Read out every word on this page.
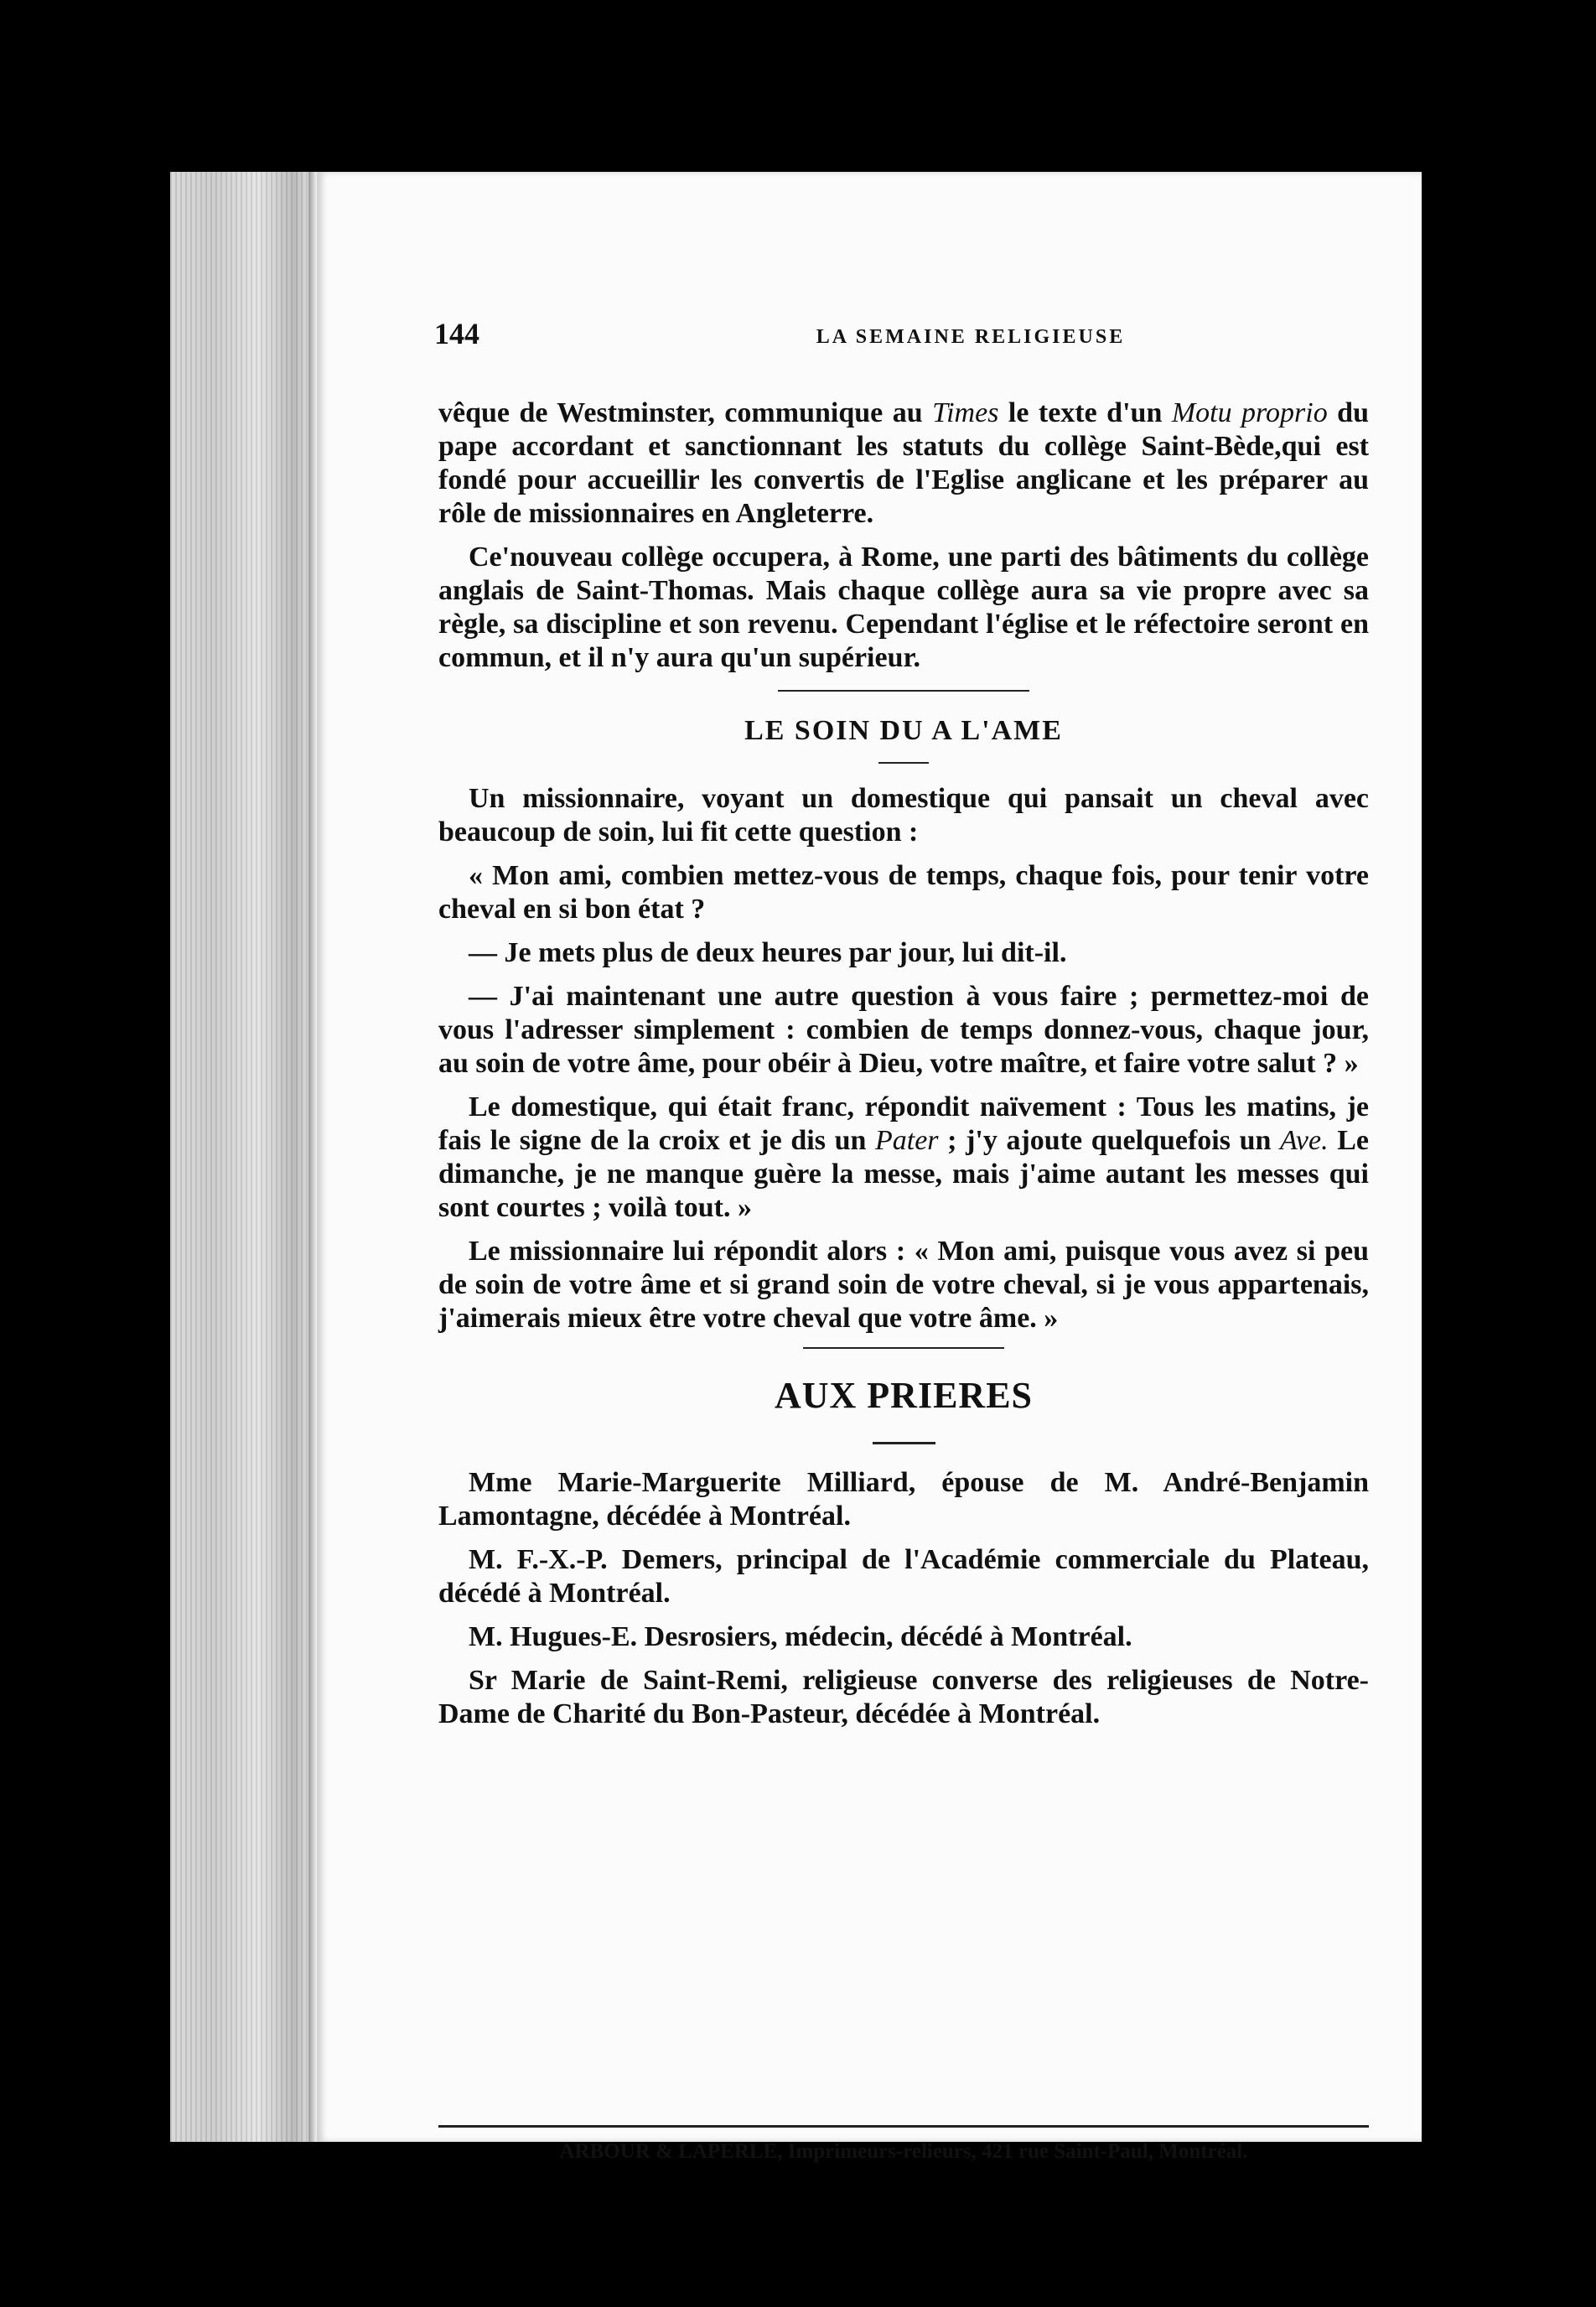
144	LA SEMAINE RELIGIEUSE

vêque de Westminster, communique au Times le texte d'un Motu proprio du pape accordant et sanctionnant les statuts du collège Saint-Bède,qui est fondé pour accueillir les convertis de l'Eglise anglicane et les préparer au rôle de missionnaires en Angleterre.

Ce'nouveau collège occupera, à Rome, une parti des bâtiments du collège anglais de Saint-Thomas. Mais chaque collège aura sa vie propre avec sa règle, sa discipline et son revenu. Cependant l'église et le réfectoire seront en commun, et il n'y aura qu'un supérieur.

LE SOIN DU A L'AME

Un missionnaire, voyant un domestique qui pansait un cheval avec beaucoup de soin, lui fit cette question :

« Mon ami, combien mettez-vous de temps, chaque fois, pour tenir votre cheval en si bon état ?

— Je mets plus de deux heures par jour, lui dit-il.

— J'ai maintenant une autre question à vous faire ; permettez-moi de vous l'adresser simplement : combien de temps donnez-vous, chaque jour, au soin de votre âme, pour obéir à Dieu, votre maître, et faire votre salut ? »

Le domestique, qui était franc, répondit naïvement : Tous les matins, je fais le signe de la croix et je dis un Pater ; j'y ajoute quelquefois un Ave. Le dimanche, je ne manque guère la messe, mais j'aime autant les messes qui sont courtes ; voilà tout. »

Le missionnaire lui répondit alors : « Mon ami, puisque vous avez si peu de soin de votre âme et si grand soin de votre cheval, si je vous appartenais, j'aimerais mieux être votre cheval que votre âme. »

AUX PRIERES

Mme Marie-Marguerite Milliard, épouse de M. André-Benjamin Lamontagne, décédée à Montréal.

M. F.-X.-P. Demers, principal de l'Académie commerciale du Plateau, décédé à Montréal.

M. Hugues-E. Desrosiers, médecin, décédé à Montréal.

Sr Marie de Saint-Remi, religieuse converse des religieuses de Notre-Dame de Charité du Bon-Pasteur, décédée à Montréal.

ARBOUR & LAPERLE, Imprimeurs-relieurs, 421 rue Saint-Paul, Montréal.
